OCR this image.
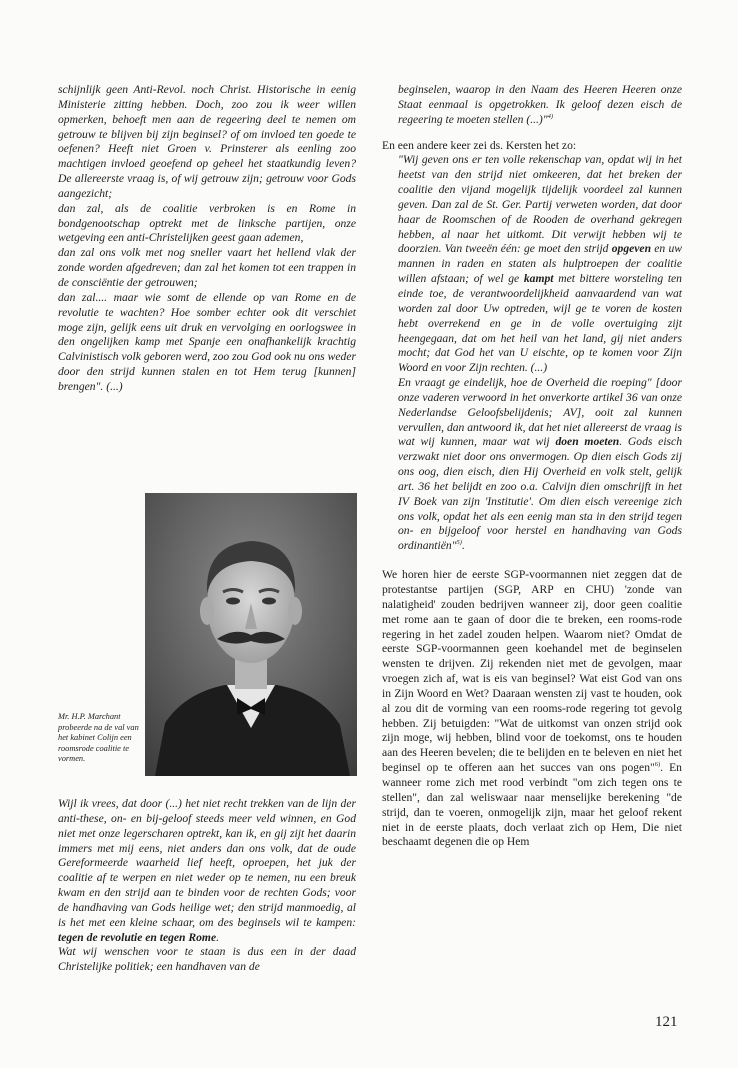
schijnlijk geen Anti-Revol. noch Christ. Historische in eenig Ministerie zitting hebben. Doch, zoo zou ik weer willen opmerken, behoeft men aan de regeering deel te nemen om getrouw te blijven bij zijn beginsel? of om invloed ten goede te oefenen? Heeft niet Groen v. Prinsterer als eenling zoo machtigen invloed geoefend op geheel het staatkundig leven? De allereerste vraag is, of wij getrouw zijn; getrouw voor Gods aangezicht;

dan zal, als de coalitie verbroken is en Rome in bondgenootschap optrekt met de linksche partijen, onze wetgeving een anti-Christelijken geest gaan ademen,

dan zal ons volk met nog sneller vaart het hellend vlak der zonde worden afgedreven; dan zal het komen tot een trappen in de consciëntie der getrouwen;

dan zal.... maar wie somt de ellende op van Rome en de revolutie te wachten? Hoe somber echter ook dit verschiet moge zijn, gelijk eens uit druk en vervolging en oorlogswee in den ongelijken kamp met Spanje een onafhankelijk krachtig Calvinistisch volk geboren werd, zoo zou God ook nu ons weder door den strijd kunnen stalen en tot Hem terug [kunnen] brengen". (...)

Mr. H.P. Marchant probeerde na de val van het kabinet Colijn een roomsrode coalitie te vormen.

Wijl ik vrees, dat door (...) het niet recht trekken van de lijn der anti-these, on- en bij-geloof steeds meer veld winnen, en God niet met onze legerscharen optrekt, kan ik, en gij zijt het daarin immers met mij eens, niet anders dan ons volk, dat de oude Gereformeerde waarheid lief heeft, oproepen, het juk der coalitie af te werpen en niet weder op te nemen, nu een breuk kwam en den strijd aan te binden voor de rechten Gods; voor de handhaving van Gods heilige wet; den strijd manmoedig, al is het met een kleine schaar, om des beginsels wil te kampen: tegen de revolutie en tegen Rome.

Wat wij wenschen voor te staan is dus een in der daad Christelijke politiek; een handhaven van de

beginselen, waarop in den Naam des Heeren Heeren onze Staat eenmaal is opgetrokken. Ik geloof dezen eisch de regeering te moeten stellen (...)"$^{4)}$

En een andere keer zei ds. Kersten het zo:

"Wij geven ons er ten volle rekenschap van, opdat wij in het heetst van den strijd niet omkeeren, dat het breken der coalitie den vijand mogelijk tijdelijk voordeel zal kunnen geven. Dan zal de St. Ger. Partij verweten worden, dat door haar de Roomschen of de Rooden de overhand gekregen hebben, al naar het uitkomt. Dit verwijt hebben wij te doorzien. Van tweeën één: ge moet den strijd opgeven en uw mannen in raden en staten als hulptroepen der coalitie willen afstaan; of wel ge kampt met bittere worsteling ten einde toe, de verantwoordelijkheid aanvaardend van wat worden zal door Uw optreden, wijl ge te voren de kosten hebt overrekend en ge in de volle overtuiging zijt heengegaan, dat om het heil van het land, gij niet anders mocht; dat God het van U eischte, op te komen voor Zijn Woord en voor Zijn rechten. (...)

En vraagt ge eindelijk, hoe de Overheid die roeping" [door onze vaderen verwoord in het onverkorte artikel 36 van onze Nederlandse Geloofsbelijdenis; AV], ooit zal kunnen vervullen, dan antwoord ik, dat het niet allereerst de vraag is wat wij kunnen, maar wat wij doen moeten. Gods eisch verzwakt niet door ons onvermogen. Op dien eisch Gods zij ons oog, dien eisch, dien Hij Overheid en volk stelt, gelijk art. 36 het belijdt en zoo o.a. Calvijn dien omschrijft in het IV Boek van zijn 'Institutie'. Om dien eisch vereenige zich ons volk, opdat het als een eenig man sta in den strijd tegen on- en bijgeloof voor herstel en handhaving van Gods ordinantiën"$^{5)}$.

We horen hier de eerste SGP-voormannen niet zeggen dat de protestantse partijen (SGP, ARP en CHU) 'zonde van nalatigheid' zouden bedrijven wanneer zij, door geen coalitie met rome aan te gaan of door die te breken, een rooms-rode regering in het zadel zouden helpen. Waarom niet? Omdat de eerste SGP-voormannen geen koehandel met de beginselen wensten te drijven. Zij rekenden niet met de gevolgen, maar vroegen zich af, wat is eis van beginsel? Wat eist God van ons in Zijn Woord en Wet? Daaraan wensten zij vast te houden, ook al zou dit de vorming van een rooms-rode regering tot gevolg hebben. Zij betuigden: "Wat de uitkomst van onzen strijd ook zijn moge, wij hebben, blind voor de toekomst, ons te houden aan des Heeren bevelen; die te belijden en te beleven en niet het beginsel op te offeren aan het succes van ons pogen"$^{6)}$. En wanneer rome zich met rood verbindt "om zich tegen ons te stellen", dan zal weliswaar naar menselijke berekening "de strijd, dan te voeren, onmogelijk zijn, maar het geloof rekent niet in de eerste plaats, doch verlaat zich op Hem, Die niet beschaamt degenen die op Hem

121
